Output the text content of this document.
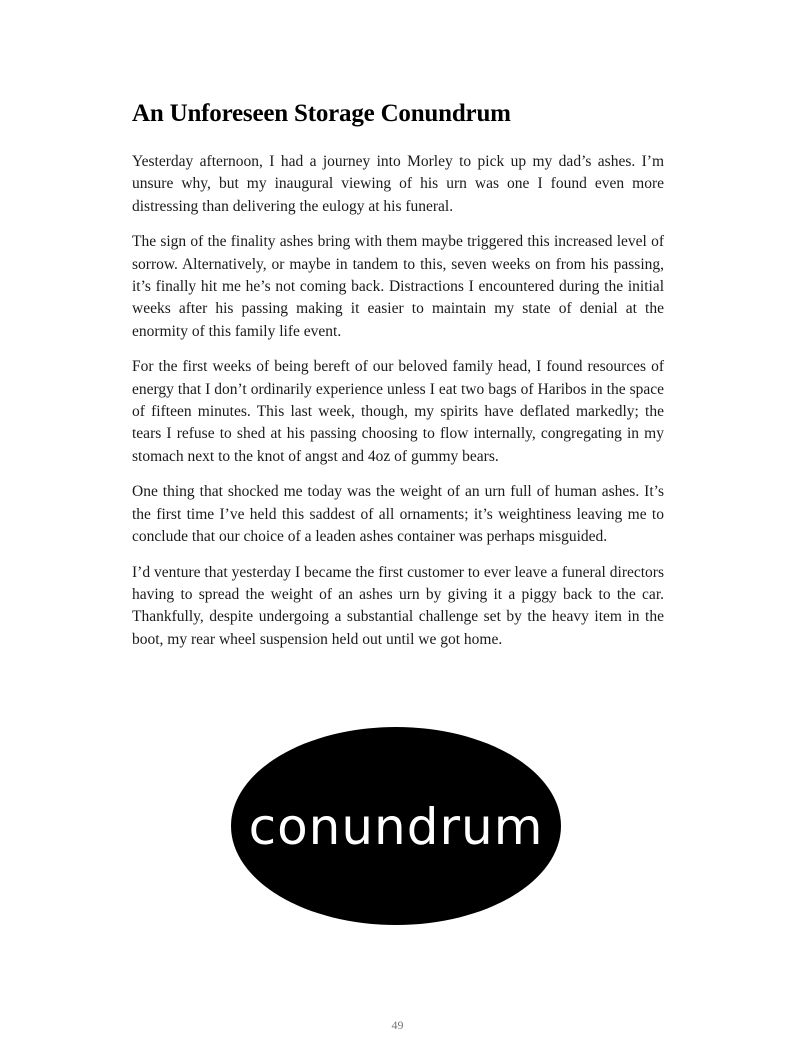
An Unforeseen Storage Conundrum

Yesterday afternoon, I had a journey into Morley to pick up my dad’s ashes. I’m unsure why, but my inaugural viewing of his urn was one I found even more distressing than delivering the eulogy at his funeral.

The sign of the finality ashes bring with them maybe triggered this increased level of sorrow. Alternatively, or maybe in tandem to this, seven weeks on from his passing, it’s finally hit me he’s not coming back. Distractions I encountered during the initial weeks after his passing making it easier to maintain my state of denial at the enormity of this family life event.

For the first weeks of being bereft of our beloved family head, I found resources of energy that I don’t ordinarily experience unless I eat two bags of Haribos in the space of fifteen minutes. This last week, though, my spirits have deflated markedly; the tears I refuse to shed at his passing choosing to flow internally, congregating in my stomach next to the knot of angst and 4oz of gummy bears.

One thing that shocked me today was the weight of an urn full of human ashes. It’s the first time I’ve held this saddest of all ornaments; it’s weightiness leaving me to conclude that our choice of a leaden ashes container was perhaps misguided.

I’d venture that yesterday I became the first customer to ever leave a funeral directors having to spread the weight of an ashes urn by giving it a piggy back to the car. Thankfully, despite undergoing a substantial challenge set by the heavy item in the boot, my rear wheel suspension held out until we got home.

conundrum
49
